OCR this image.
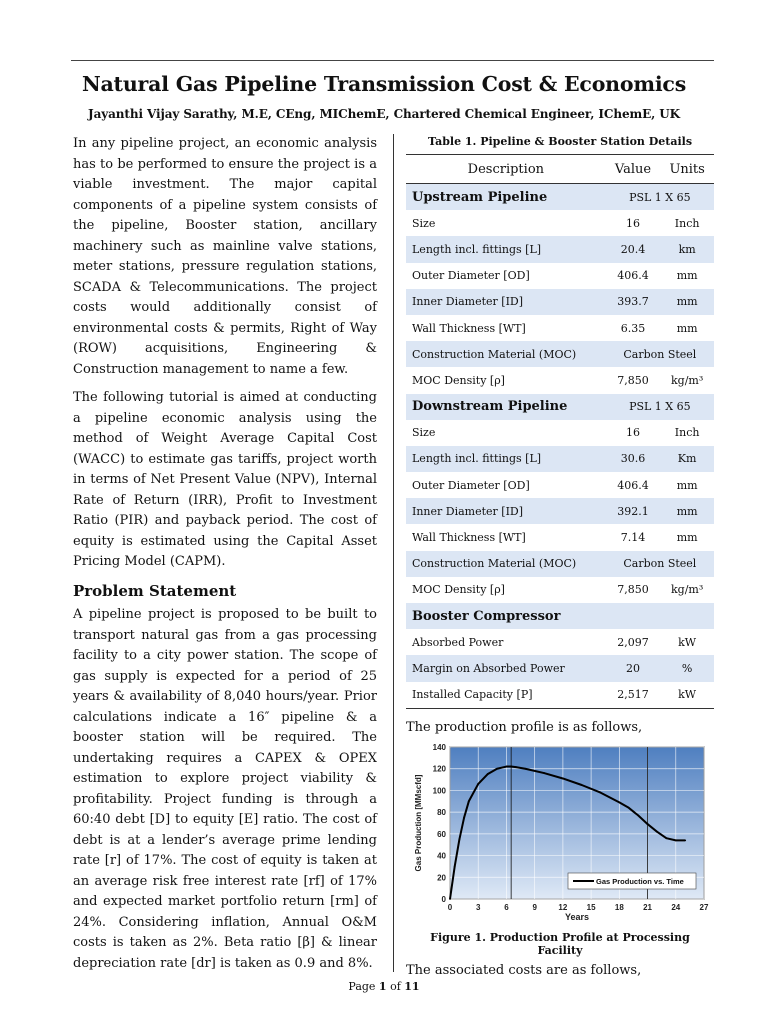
Natural Gas Pipeline Transmission Cost & Economics
Jayanthi Vijay Sarathy, M.E, CEng, MIChemE, Chartered Chemical Engineer, IChemE, UK

In any pipeline project, an economic analysis has to be performed to ensure the project is a viable investment. The major capital components of a pipeline system consists of the pipeline, Booster station, ancillary machinery such as mainline valve stations, meter stations, pressure regulation stations, SCADA & Telecommunications. The project costs would additionally consist of environmental costs & permits, Right of Way (ROW) acquisitions, Engineering & Construction management to name a few.

The following tutorial is aimed at conducting a pipeline economic analysis using the method of Weight Average Capital Cost (WACC) to estimate gas tariffs, project worth in terms of Net Present Value (NPV), Internal Rate of Return (IRR), Profit to Investment Ratio (PIR) and payback period. The cost of equity is estimated using the Capital Asset Pricing Model (CAPM).

Problem Statement

A pipeline project is proposed to be built to transport natural gas from a gas processing facility to a city power station. The scope of gas supply is expected for a period of 25 years & availability of 8,040 hours/year. Prior calculations indicate a 16″ pipeline & a booster station will be required. The undertaking requires a CAPEX & OPEX estimation to explore project viability & profitability. Project funding is through a 60:40 debt [D] to equity [E] ratio. The cost of debt is at a lender’s average prime lending rate [r] of 17%. The cost of equity is taken at an average risk free interest rate [rf] of 17% and expected market portfolio return [rm] of 24%. Considering inflation, Annual O&M costs is taken as 2%. Beta ratio [β] & linear depreciation rate [dr] is taken as 0.9 and 8%.

Table 1. Pipeline & Booster Station Details
Description	Value	Units
Upstream Pipeline	PSL 1 X 65	
Size	16	Inch
Length incl. fittings [L]	20.4	km
Outer Diameter [OD]	406.4	mm
Inner Diameter [ID]	393.7	mm
Wall Thickness [WT]	6.35	mm
Construction Material (MOC)	Carbon Steel	
MOC Density [ρ]	7,850	kg/m³
Downstream Pipeline	PSL 1 X 65	
Size	16	Inch
Length incl. fittings [L]	30.6	Km
Outer Diameter [OD]	406.4	mm
Inner Diameter [ID]	392.1	mm
Wall Thickness [WT]	7.14	mm
Construction Material (MOC)	Carbon Steel	
MOC Density [ρ]	7,850	kg/m³
Booster Compressor		
Absorbed Power	2,097	kW
Margin on Absorbed Power	20	%
Installed Capacity [P]	2,517	kW
The production profile is as follows,
0
20
40
60
80
100
120
140
0	3	6	9	12 15 18 21 24 27
Years
Gas Production [MMscfd]
Gas Production vs. Time
Figure 1. Production Profile at Processing Facility
The associated costs are as follows,
Page 1 of 11
